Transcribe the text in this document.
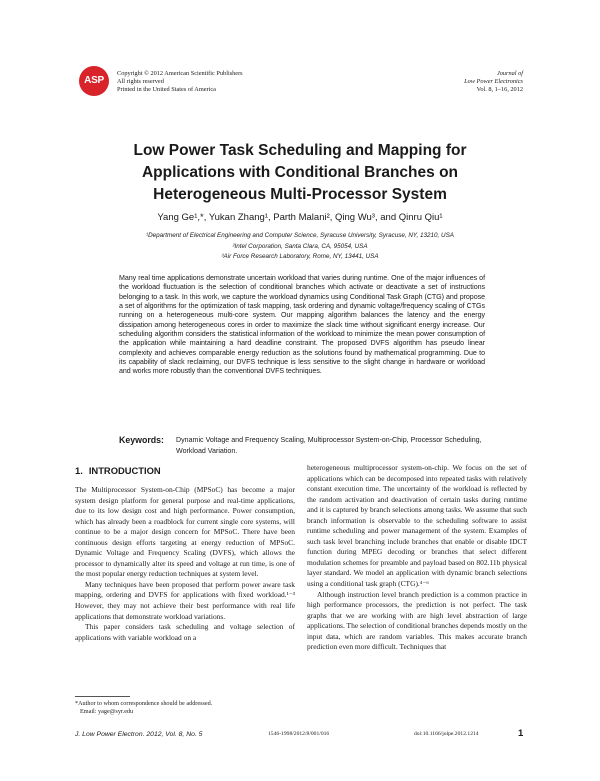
ASP
Copyright © 2012 American Scientific Publishers
All rights reserved
Printed in the United States of America
Journal of
Low Power Electronics
Vol. 8, 1–16, 2012
Low Power Task Scheduling and Mapping for
Applications with Conditional Branches on
Heterogeneous Multi-Processor System
Yang Ge¹,*, Yukan Zhang¹, Parth Malani², Qing Wu³, and Qinru Qiu¹
¹Department of Electrical Engineering and Computer Science, Syracuse University, Syracuse, NY, 13210, USA
²Intel Corporation, Santa Clara, CA, 95054, USA
³Air Force Research Laboratory, Rome, NY, 13441, USA
Many real time applications demonstrate uncertain workload that varies during runtime. One of the major influences of the workload fluctuation is the selection of conditional branches which activate or deactivate a set of instructions belonging to a task. In this work, we capture the workload dynamics using Conditional Task Graph (CTG) and propose a set of algorithms for the optimization of task mapping, task ordering and dynamic voltage/frequency scaling of CTGs running on a heterogeneous multi-core system. Our mapping algorithm balances the latency and the energy dissipation among heterogeneous cores in order to maximize the slack time without significant energy increase. Our scheduling algorithm considers the statistical information of the workload to minimize the mean power consumption of the application while maintaining a hard deadline constraint. The proposed DVFS algorithm has pseudo linear complexity and achieves comparable energy reduction as the solutions found by mathematical programming. Due to its capability of slack reclaiming, our DVFS technique is less sensitive to the slight change in hardware or workload and works more robustly than the conventional DVFS techniques.
Keywords: Dynamic Voltage and Frequency Scaling, Multiprocessor System-on-Chip, Processor Scheduling, Workload Variation.
1. INTRODUCTION

The Multiprocessor System-on-Chip (MPSoC) has become a major system design platform for general purpose and real-time applications, due to its low design cost and high performance. Power consumption, which has already been a roadblock for current single core systems, will continue to be a major design concern for MPSoC. There have been continuous design efforts targeting at energy reduction of MPSoC. Dynamic Voltage and Frequency Scaling (DVFS), which allows the processor to dynamically alter its speed and voltage at run time, is one of the most popular energy reduction techniques at system level.

Many techniques have been proposed that perform power aware task mapping, ordering and DVFS for applications with fixed workload.¹⁻³ However, they may not achieve their best performance with real life applications that demonstrate workload variations.

This paper considers task scheduling and voltage selection of applications with variable workload on a

heterogeneous multiprocessor system-on-chip. We focus on the set of applications which can be decomposed into repeated tasks with relatively constant execution time. The uncertainty of the workload is reflected by the random activation and deactivation of certain tasks during runtime and it is captured by branch selections among tasks. We assume that such branch information is observable to the scheduling software to assist runtime scheduling and power management of the system. Examples of such task level branching include branches that enable or disable IDCT function during MPEG decoding or branches that select different modulation schemes for preamble and payload based on 802.11b physical layer standard. We model an application with dynamic branch selections using a conditional task graph (CTG).⁴⁻⁶

Although instruction level branch prediction is a common practice in high performance processors, the prediction is not perfect. The task graphs that we are working with are high level abstraction of large applications. The selection of conditional branches depends mostly on the input data, which are random variables. This makes accurate branch prediction even more difficult. Techniques that

*Author to whom correspondence should be addressed.
Email: yage@syr.edu
J. Low Power Electron. 2012, Vol. 8, No. 5	1546-1998/2012/8/001/016	doi:10.1166/jolpe.2012.1214	1
